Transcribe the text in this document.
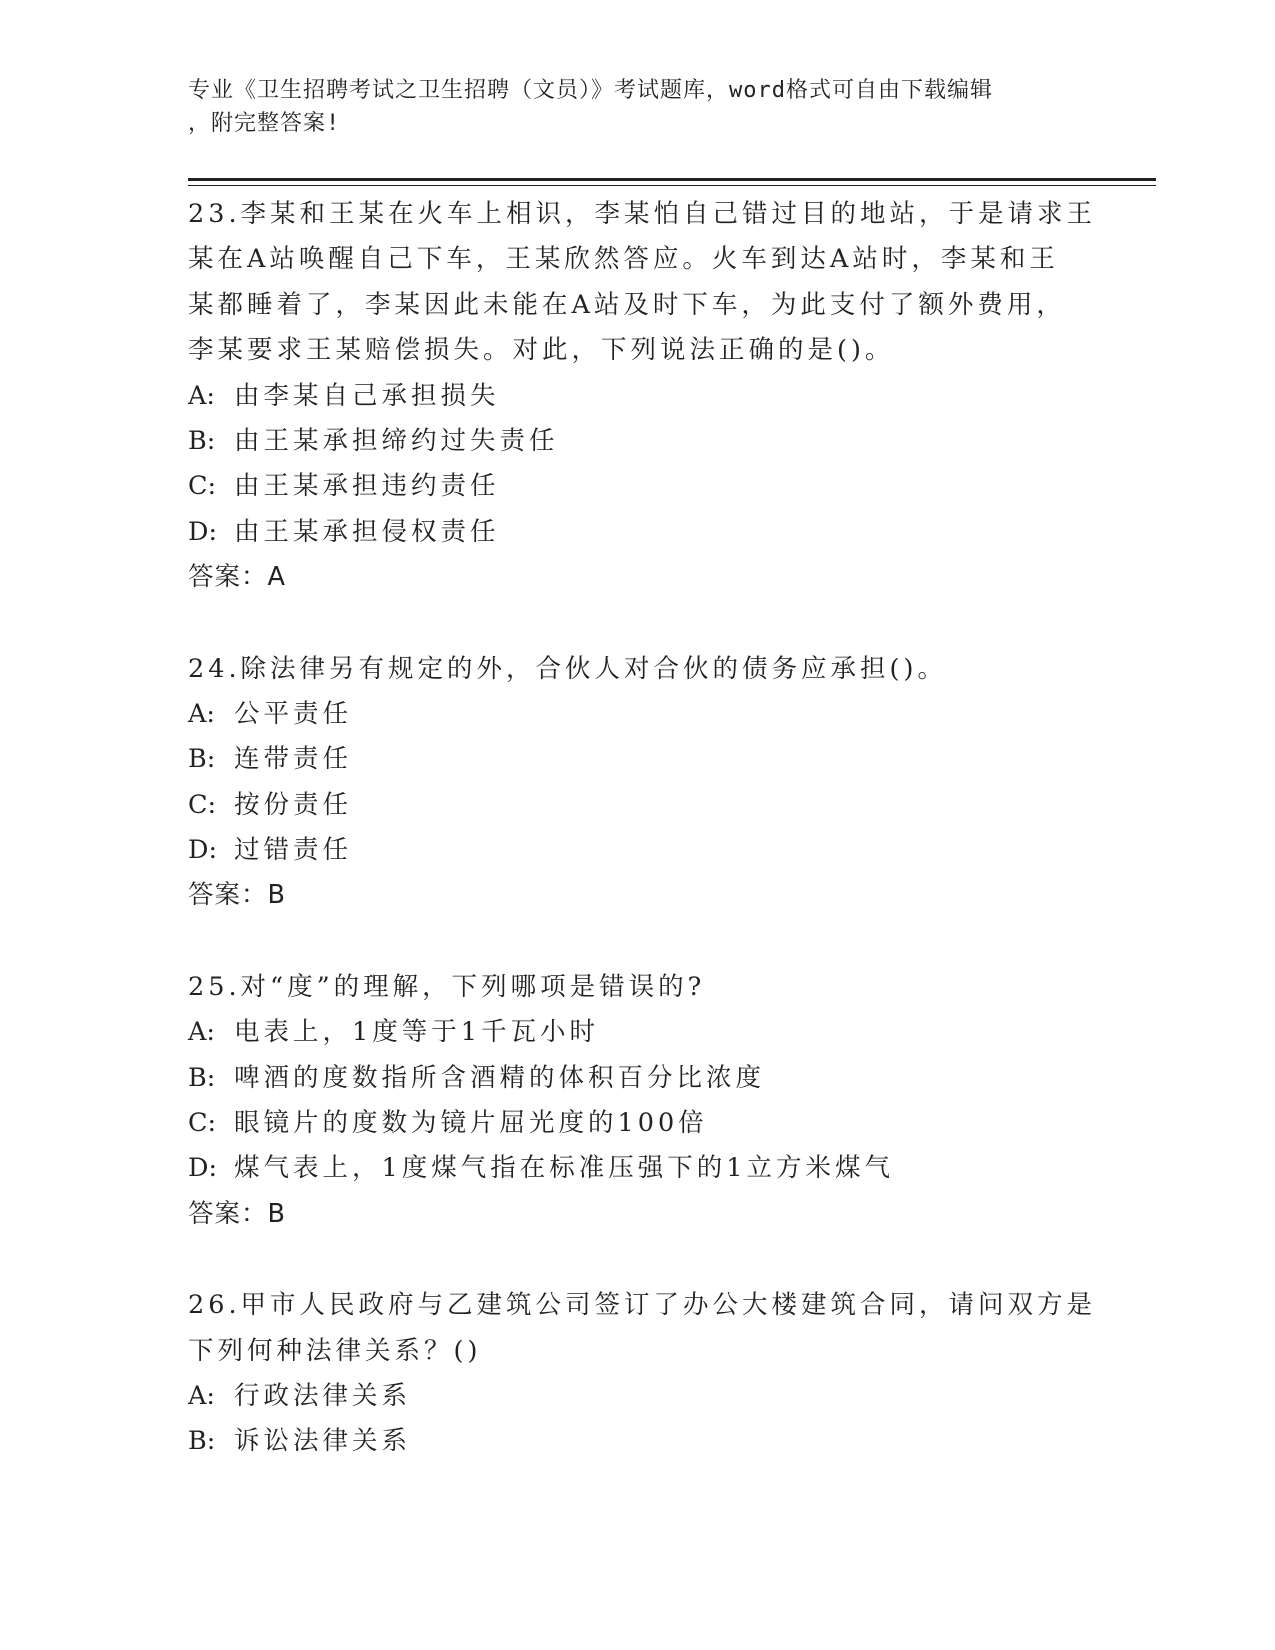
专业《卫生招聘考试之卫生招聘（文员）》考试题库，word格式可自由下载编辑
，附完整答案!
23.李某和王某在火车上相识，李某怕自己错过目的地站，于是请求王
某在A站唤醒自己下车，王某欣然答应。火车到达A站时，李某和王
某都睡着了，李某因此未能在A站及时下车，为此支付了额外费用，
李某要求王某赔偿损失。对此，下列说法正确的是()。
A: 由李某自己承担损失
B: 由王某承担缔约过失责任
C: 由王某承担违约责任
D: 由王某承担侵权责任
答案：A
24.除法律另有规定的外，合伙人对合伙的债务应承担()。
A: 公平责任
B: 连带责任
C: 按份责任
D: 过错责任
答案：B
25.对“度”的理解，下列哪项是错误的?
A: 电表上，1度等于1千瓦小时
B: 啤酒的度数指所含酒精的体积百分比浓度
C: 眼镜片的度数为镜片屈光度的100倍
D: 煤气表上，1度煤气指在标准压强下的1立方米煤气
答案：B
26.甲市人民政府与乙建筑公司签订了办公大楼建筑合同，请问双方是
下列何种法律关系？()
A: 行政法律关系
B: 诉讼法律关系
